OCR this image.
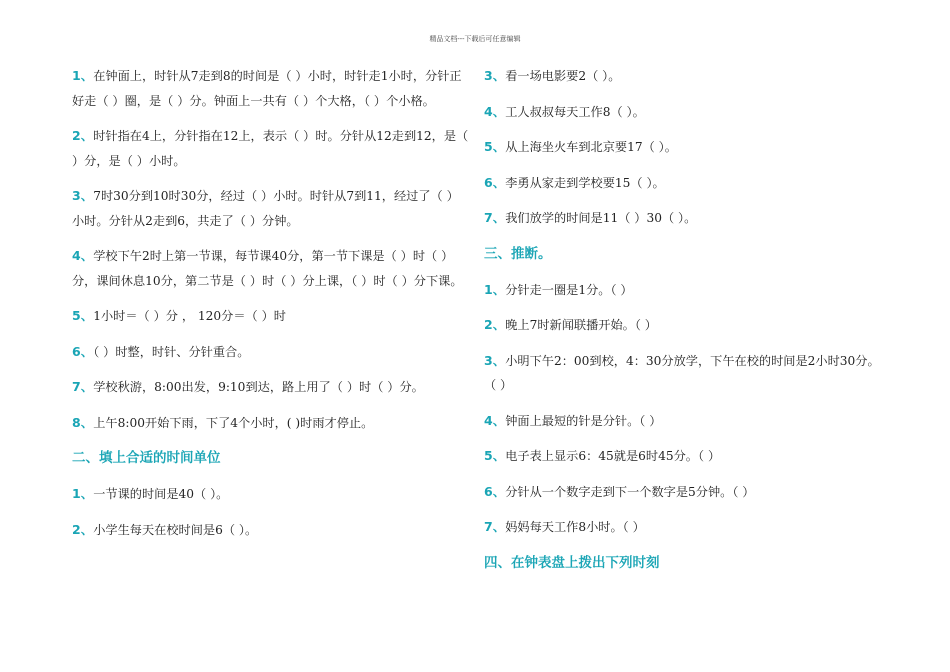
精品文档---下载后可任意编辑
1、在钟面上，时针从7走到8的时间是（ ）小时，时针走1小时，分针正好走（ ）圈，是（ ）分。钟面上一共有（ ）个大格，（ ）个小格。
2、时针指在4上，分针指在12上，表示（ ）时。分针从12走到12，是（ ）分，是（ ）小时。
3、7时30分到10时30分，经过（ ）小时。时针从7到11，经过了（ ）小时。分针从2走到6，共走了（ ）分钟。
4、学校下午2时上第一节课，每节课40分，第一节下课是（ ）时（ ）分，课间休息10分，第二节是（ ）时（ ）分上课，（ ）时（ ）分下课。
5、1小时＝（ ）分 ， 120分＝（ ）时
6、（ ）时整，时针、分针重合。
7、学校秋游，8:00出发，9:10到达，路上用了（ ）时（ ）分。
8、上午8:00开始下雨，下了4个小时，( )时雨才停止。
二、填上合适的时间单位
1、一节课的时间是40（ ）。
2、小学生每天在校时间是6（ ）。
3、看一场电影要2（ ）。
4、工人叔叔每天工作8（ ）。
5、从上海坐火车到北京要17（ ）。
6、李勇从家走到学校要15（ ）。
7、我们放学的时间是11（ ）30（ ）。
三、推断。
1、分针走一圈是1分。（ ）
2、晚上7时新闻联播开始。（ ）
3、小明下午2：00到校，4：30分放学，下午在校的时间是2小时30分。（ ）
4、钟面上最短的针是分针。（ ）
5、电子表上显示6：45就是6时45分。（ ）
6、分针从一个数字走到下一个数字是5分钟。（ ）
7、妈妈每天工作8小时。（ ）
四、在钟表盘上拨出下列时刻
